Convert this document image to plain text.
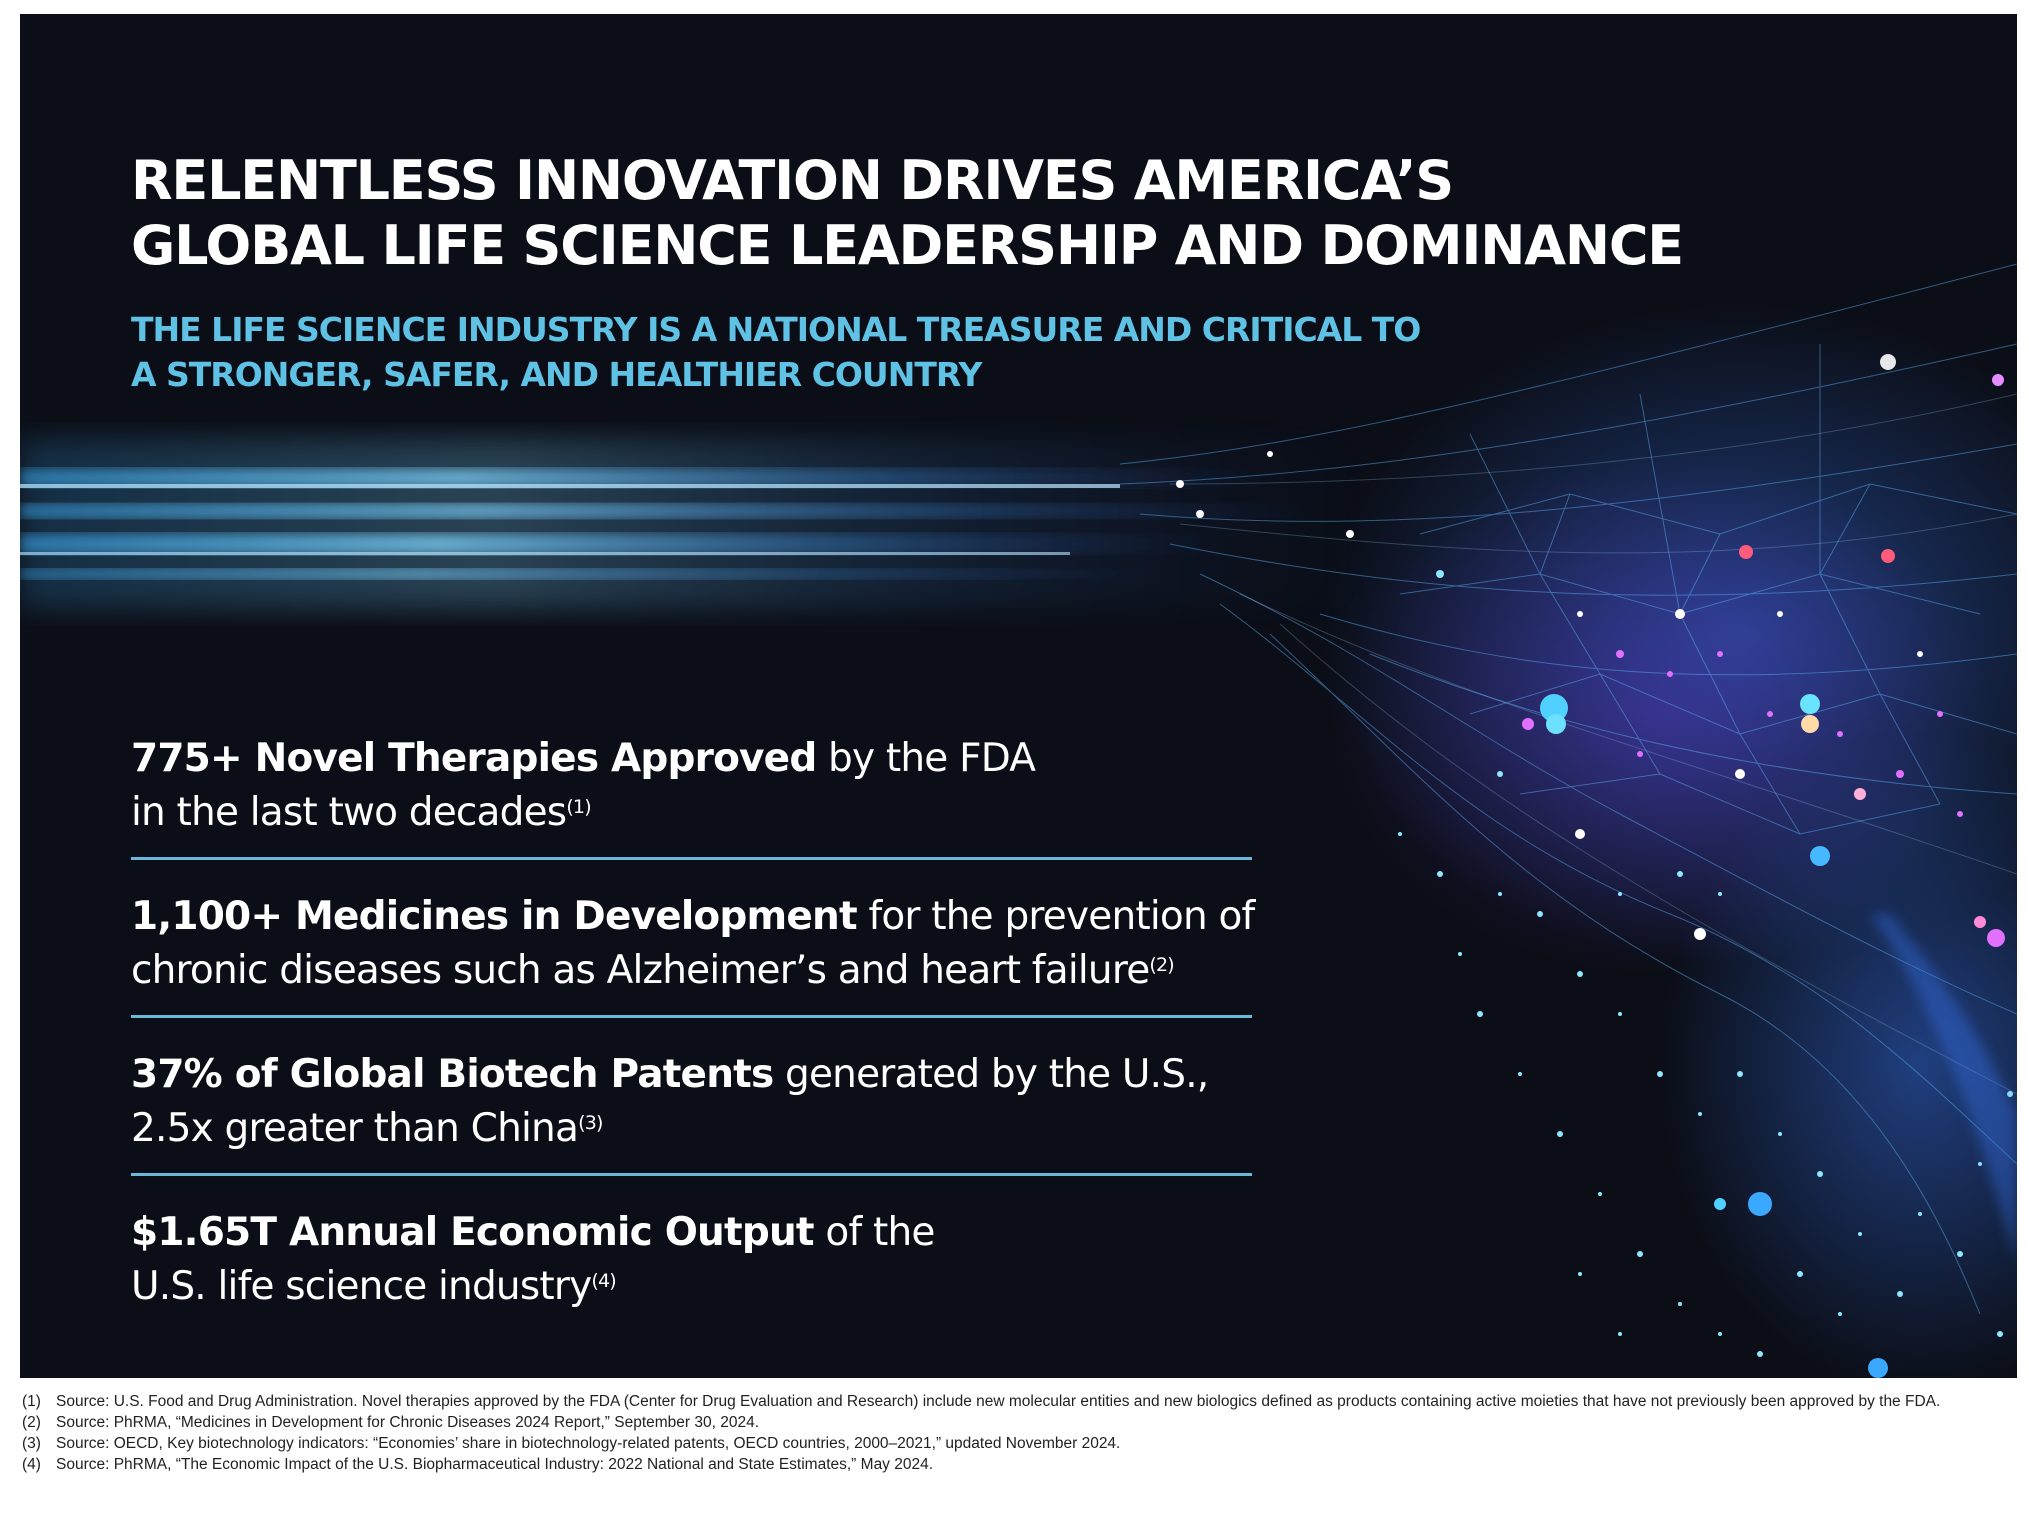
RELENTLESS INNOVATION DRIVES AMERICA’S
GLOBAL LIFE SCIENCE LEADERSHIP AND DOMINANCE
THE LIFE SCIENCE INDUSTRY IS A NATIONAL TREASURE AND CRITICAL TO
A STRONGER, SAFER, AND HEALTHIER COUNTRY
775+ Novel Therapies Approved by the FDA
in the last two decades$^{(1)}$
1,100+ Medicines in Development for the prevention of
chronic diseases such as Alzheimer’s and heart failure$^{(2)}$
37% of Global Biotech Patents generated by the U.S.,
2.5x greater than China$^{(3)}$
$1.65T Annual Economic Output of the
U.S. life science industry$^{(4)}$
(1) Source: U.S. Food and Drug Administration. Novel therapies approved by the FDA (Center for Drug Evaluation and Research) include new molecular entities and new biologics defined as products containing active moieties that have not previously been approved by the FDA.
(2) Source: PhRMA, “Medicines in Development for Chronic Diseases 2024 Report,” September 30, 2024.
(3) Source: OECD, Key biotechnology indicators: “Economies’ share in biotechnology-related patents, OECD countries, 2000–2021,” updated November 2024.
(4) Source: PhRMA, “The Economic Impact of the U.S. Biopharmaceutical Industry: 2022 National and State Estimates,” May 2024.
